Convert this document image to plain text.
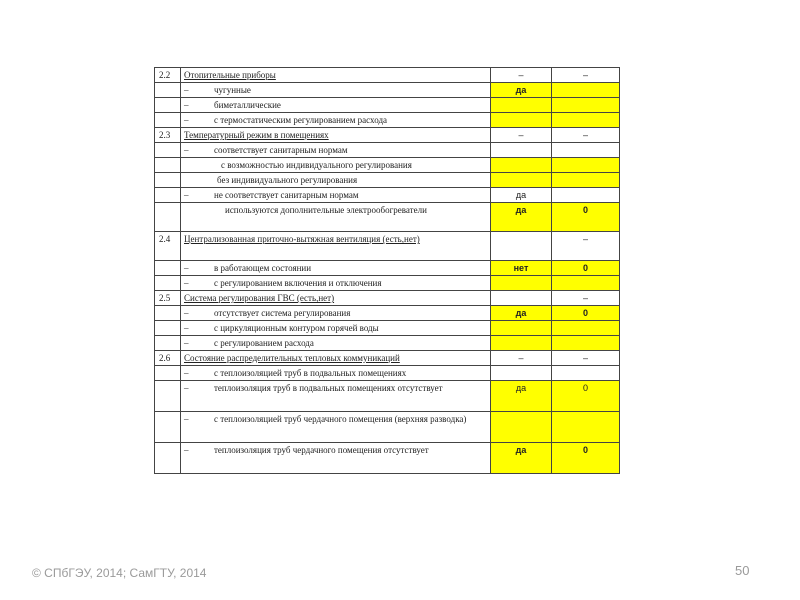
2.2	Отопительные приборы	–	–
	– чугунные	да	
	– биметаллические		
	– с термостатическим регулированием расхода		
2.3	Температурный режим в помещениях	–	–
	– соответствует санитарным нормам		
	с возможностью индивидуального регулирования		
	без индивидуального регулирования		
	– не соответствует санитарным нормам	да	
	используются дополнительные электрообогреватели	да	0
2.4	Централизованная приточно-вытяжная вентиляция (есть,нет)		–
	– в работающем состоянии	нет	0
	– с регулированием включения и отключения		
2.5	Система регулирования ГВС (есть,нет)		–
	– отсутствует система регулирования	да	0
	– с циркуляционным контуром горячей воды		
	– с регулированием расхода		
2.6	Состояние распределительных тепловых коммуникаций	–	–
	– с теплоизоляцией труб в подвальных помещениях		

	– теплоизоляция труб в подвальных помещениях отсутствует	да	0

	– с теплоизоляцией труб чердачного помещения (верхняя разводка)		

	– теплоизоляция труб чердачного помещения отсутствует	да	0
© СПбГЭУ, 2014; СамГТУ, 2014	50
